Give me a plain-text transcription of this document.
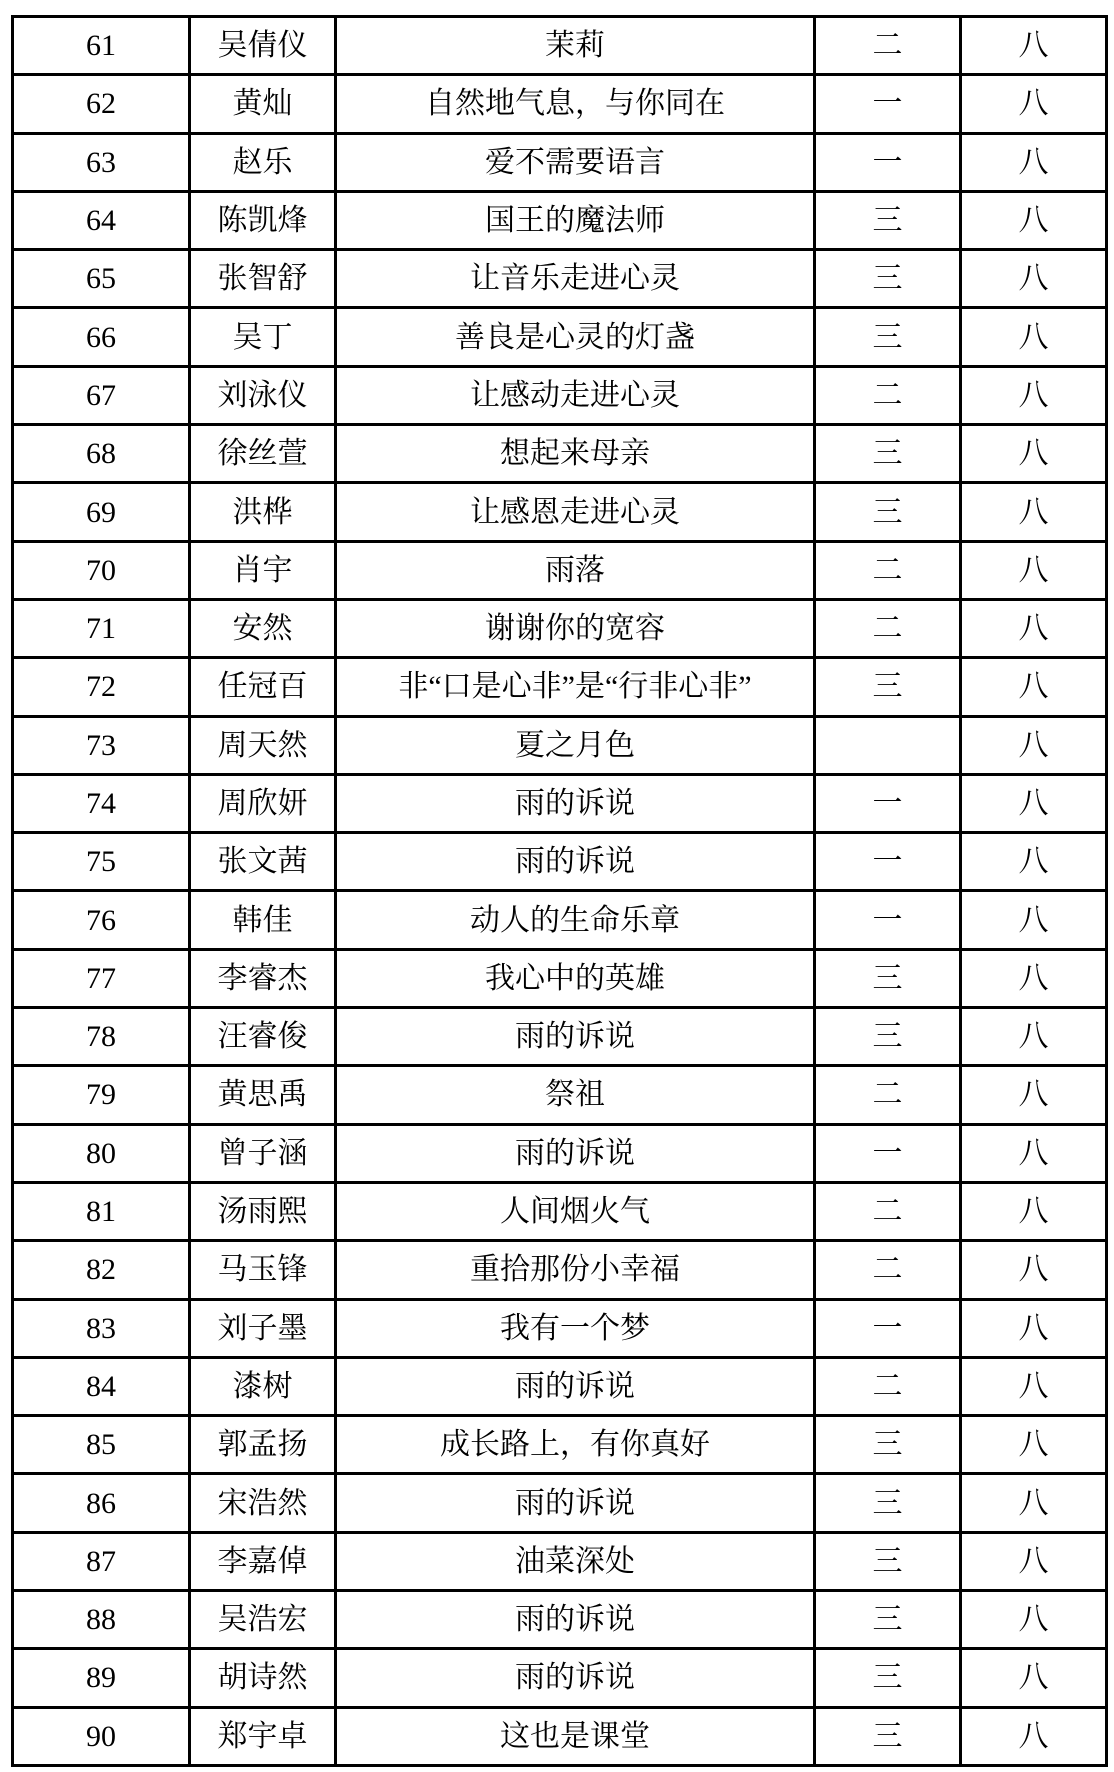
61	吴倩仪	茉莉	二	八
62	黄灿	自然地气息，与你同在	一	八
63	赵乐	爱不需要语言	一	八
64	陈凯烽	国王的魔法师	三	八
65	张智舒	让音乐走进心灵	三	八
66	吴丁	善良是心灵的灯盏	三	八
67	刘泳仪	让感动走进心灵	二	八
68	徐丝萱	想起来母亲	三	八
69	洪桦	让感恩走进心灵	三	八
70	肖宇	雨落	二	八
71	安然	谢谢你的宽容	二	八
72	任冠百	非“口是心非”是“行非心非”	三	八
73	周天然	夏之月色		八
74	周欣妍	雨的诉说	一	八
75	张文茜	雨的诉说	一	八
76	韩佳	动人的生命乐章	一	八
77	李睿杰	我心中的英雄	三	八
78	汪睿俊	雨的诉说	三	八
79	黄思禹	祭祖	二	八
80	曾子涵	雨的诉说	一	八
81	汤雨熙	人间烟火气	二	八
82	马玉锋	重拾那份小幸福	二	八
83	刘子墨	我有一个梦	一	八
84	漆树	雨的诉说	二	八
85	郭孟扬	成长路上，有你真好	三	八
86	宋浩然	雨的诉说	三	八
87	李嘉倬	油菜深处	三	八
88	吴浩宏	雨的诉说	三	八
89	胡诗然	雨的诉说	三	八
90	郑宇卓	这也是课堂	三	八
